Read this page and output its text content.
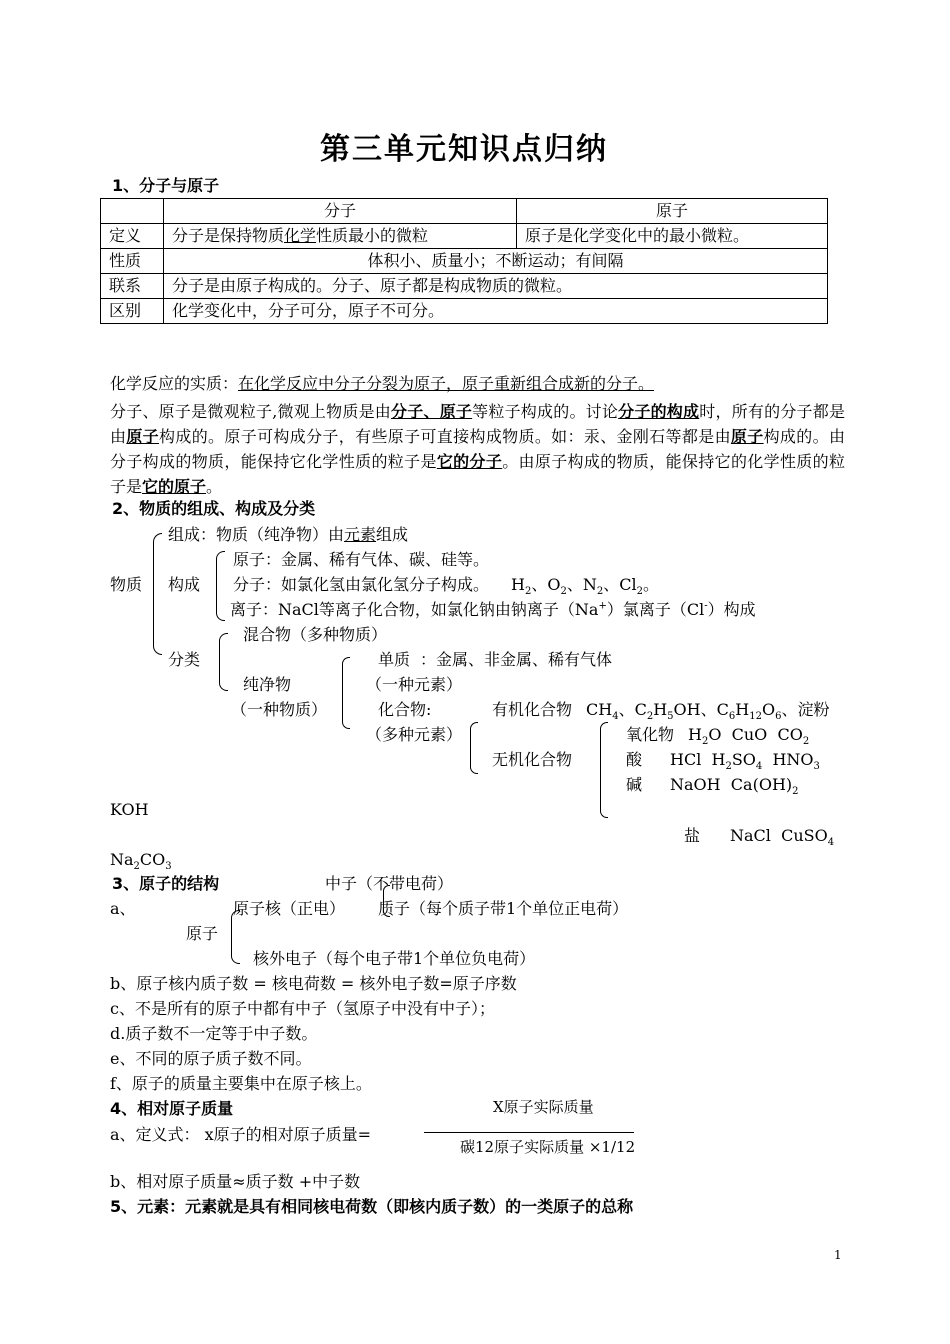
第三单元知识点归纳
1、分子与原子
	分子	原子
定义	分子是保持物质化学性质最小的微粒	原子是化学变化中的最小微粒。
性质	体积小、质量小；不断运动；有间隔	
联系	分子是由原子构成的。分子、原子都是构成物质的微粒。	
区别	化学变化中，分子可分，原子不可分。	
化学反应的实质：在化学反应中分子分裂为原子，原子重新组合成新的分子。

分子、原子是微观粒子,微观上物质是由分子、原子等粒子构成的。讨论分子的构成时，所有的分子都是由原子构成的。原子可构成分子，有些原子可直接构成物质。如：汞、金刚石等都是由原子构成的。由分子构成的物质，能保持它化学性质的粒子是它的分子。由原子构成的物质，能保持它的化学性质的粒子是它的原子。

2、物质的组成、构成及分类
物质
组成：物质（纯净物）由元素组成
构成
原子：金属、稀有气体、碳、硅等。
分子：如氯化氢由氯化氢分子构成。 $H_2$、$O_2$、$N_2$、$Cl_2$。
离子：NaCl等离子化合物，如氯化钠由钠离子（Na+）氯离子（Cl-）构成
分类
混合物（多种物质）
纯净物
（一种物质）
单质 ：金属、非金属、稀有气体
（一种元素）
化合物:
（多种元素）
有机化合物 $CH_4$、$C_2H_5OH$、$C_6H_{12}O_6$、淀粉
无机化合物
氧化物 $H_2O$  CuO  $CO_2$
酸 HCl  $H_2SO_4$  $HNO_3$
碱 NaOH  $Ca(OH)_2$
KOH
盐 NaCl  CuSO$_4$
$Na_2CO_3$
3、原子的结构	中子（不带电荷）
a、	原子核（正电） 质子（每个质子带1个单位正电荷）
原子
核外电子（每个电子带1个单位负电荷）
b、原子核内质子数 = 核电荷数 = 核外电子数=原子序数
c、不是所有的原子中都有中子（氢原子中没有中子）；
d.质子数不一定等于中子数。
e、不同的原子质子数不同。
f、原子的质量主要集中在原子核上。
4、相对原子质量	X原子实际质量
a、定义式： x原子的相对原子质量=
碳12原子实际质量 ×1/12
b、相对原子质量≈质子数 +中子数
5、元素：元素就是具有相同核电荷数（即核内质子数）的一类原子的总称
1
